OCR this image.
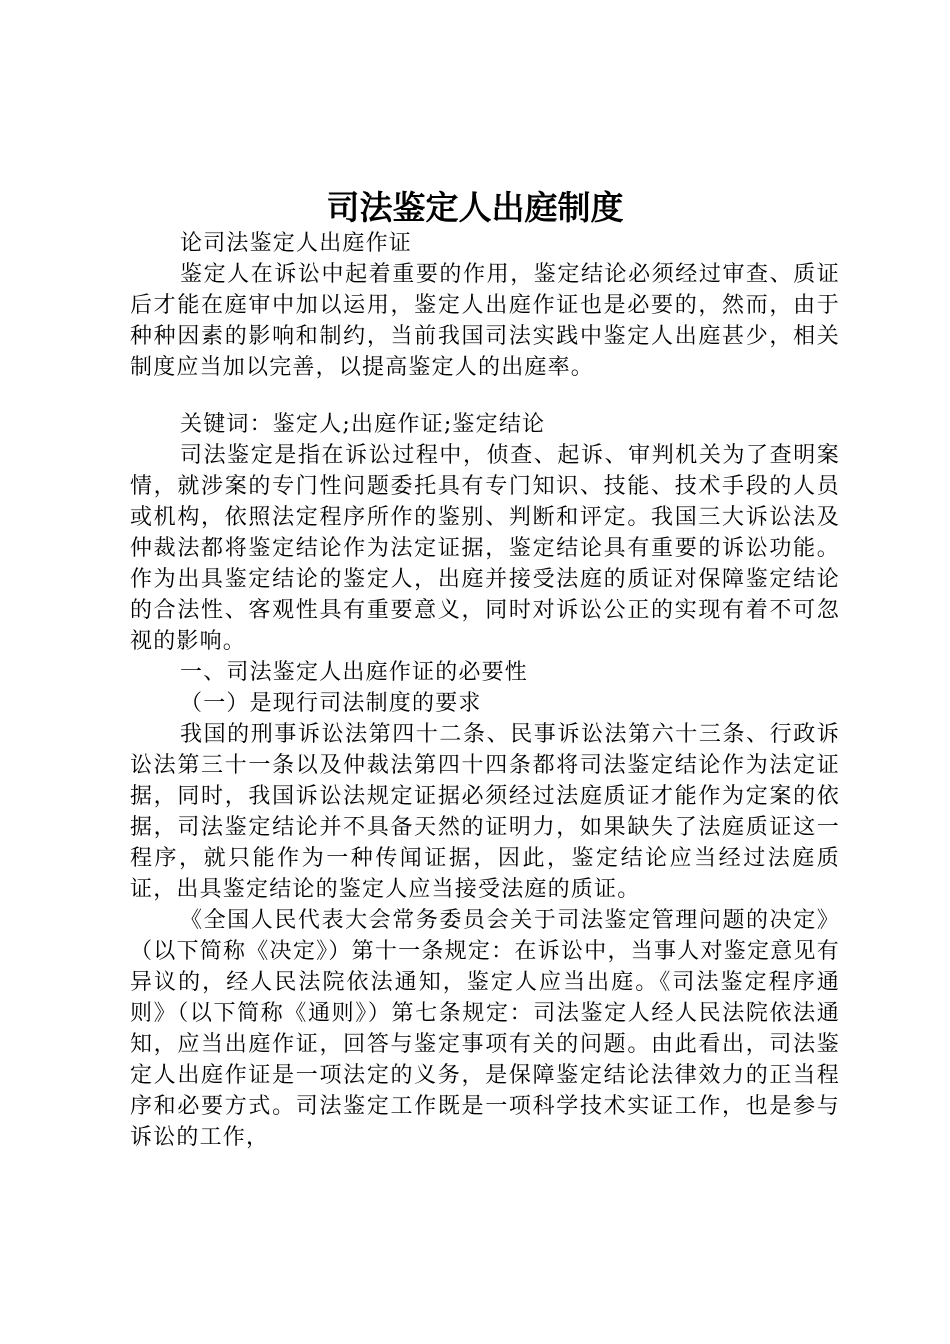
司法鉴定人出庭制度

论司法鉴定人出庭作证

鉴定人在诉讼中起着重要的作用，鉴定结论必须经过审查、质证后才能在庭审中加以运用，鉴定人出庭作证也是必要的，然而，由于种种因素的影响和制约，当前我国司法实践中鉴定人出庭甚少，相关制度应当加以完善，以提高鉴定人的出庭率。

关键词：鉴定人;出庭作证;鉴定结论

司法鉴定是指在诉讼过程中，侦查、起诉、审判机关为了查明案情，就涉案的专门性问题委托具有专门知识、技能、技术手段的人员或机构，依照法定程序所作的鉴别、判断和评定。我国三大诉讼法及仲裁法都将鉴定结论作为法定证据，鉴定结论具有重要的诉讼功能。作为出具鉴定结论的鉴定人，出庭并接受法庭的质证对保障鉴定结论的合法性、客观性具有重要意义，同时对诉讼公正的实现有着不可忽视的影响。

一、司法鉴定人出庭作证的必要性

（一）是现行司法制度的要求

我国的刑事诉讼法第四十二条、民事诉讼法第六十三条、行政诉讼法第三十一条以及仲裁法第四十四条都将司法鉴定结论作为法定证据，同时，我国诉讼法规定证据必须经过法庭质证才能作为定案的依据，司法鉴定结论并不具备天然的证明力，如果缺失了法庭质证这一程序，就只能作为一种传闻证据，因此，鉴定结论应当经过法庭质证，出具鉴定结论的鉴定人应当接受法庭的质证。

《全国人民代表大会常务委员会关于司法鉴定管理问题的决定》（以下简称《决定》）第十一条规定：在诉讼中，当事人对鉴定意见有异议的，经人民法院依法通知，鉴定人应当出庭。《司法鉴定程序通则》（以下简称《通则》）第七条规定：司法鉴定人经人民法院依法通知，应当出庭作证，回答与鉴定事项有关的问题。由此看出，司法鉴定人出庭作证是一项法定的义务，是保障鉴定结论法律效力的正当程序和必要方式。司法鉴定工作既是一项科学技术实证工作，也是参与诉讼的工作，
